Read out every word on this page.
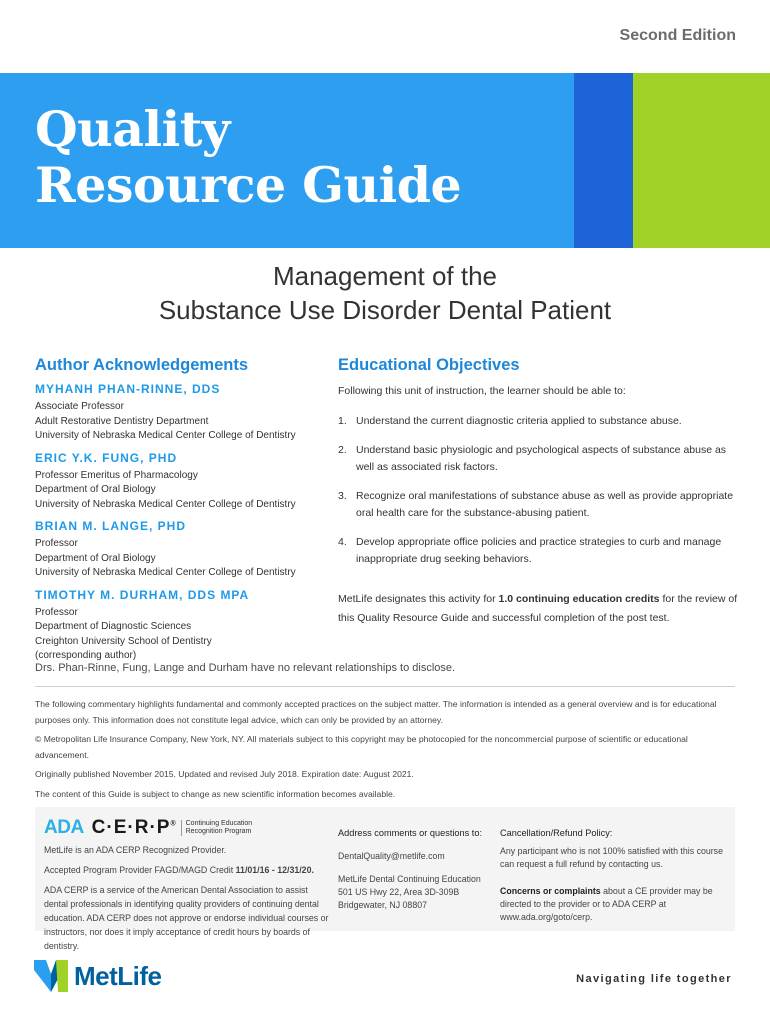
Second Edition
Quality
Resource Guide
Management of the
Substance Use Disorder Dental Patient
Author Acknowledgements
MYHANH PHAN-RINNE, DDS
Associate Professor
Adult Restorative Dentistry Department
University of Nebraska Medical Center College of Dentistry
ERIC Y.K. FUNG, PHD
Professor Emeritus of Pharmacology
Department of Oral Biology
University of Nebraska Medical Center College of Dentistry
BRIAN M. LANGE, PHD
Professor
Department of Oral Biology
University of Nebraska Medical Center College of Dentistry
TIMOTHY M. DURHAM, DDS MPA
Professor
Department of Diagnostic Sciences
Creighton University School of Dentistry
(corresponding author)
Educational Objectives
Following this unit of instruction, the learner should be able to:
1. Understand the current diagnostic criteria applied to substance abuse.
2. Understand basic physiologic and psychological aspects of substance abuse as well as associated risk factors.
3. Recognize oral manifestations of substance abuse as well as provide appropriate oral health care for the substance-abusing patient.
4. Develop appropriate office policies and practice strategies to curb and manage inappropriate drug seeking behaviors.
MetLife designates this activity for 1.0 continuing education credits for the review of this Quality Resource Guide and successful completion of the post test.
Drs. Phan-Rinne, Fung, Lange and Durham have no relevant relationships to disclose.

The following commentary highlights fundamental and commonly accepted practices on the subject matter. The information is intended as a general overview and is for educational purposes only. This information does not constitute legal advice, which can only be provided by an attorney.

© Metropolitan Life Insurance Company, New York, NY. All materials subject to this copyright may be photocopied for the noncommercial purpose of scientific or educational advancement.

Originally published November 2015. Updated and revised July 2018. Expiration date: August 2021.

The content of this Guide is subject to change as new scientific information becomes available.

ADA C·E·R·P®	Continuing Education
Recognition Program

MetLife is an ADA CERP Recognized Provider.

Accepted Program Provider FAGD/MAGD Credit 11/01/16 - 12/31/20.

ADA CERP is a service of the American Dental Association to assist dental professionals in identifying quality providers of continuing dental education. ADA CERP does not approve or endorse individual courses or instructors, nor does it imply acceptance of credit hours by boards of dentistry.

Address comments or questions to:

DentalQuality@metlife.com

MetLife Dental Continuing Education
501 US Hwy 22, Area 3D-309B
Bridgewater, NJ 08807
Cancellation/Refund Policy:

Any participant who is not 100% satisfied with this course can request a full refund by contacting us.

Concerns or complaints about a CE provider may be directed to the provider or to ADA CERP at www.ada.org/goto/cerp.

MetLife	Navigating life together
